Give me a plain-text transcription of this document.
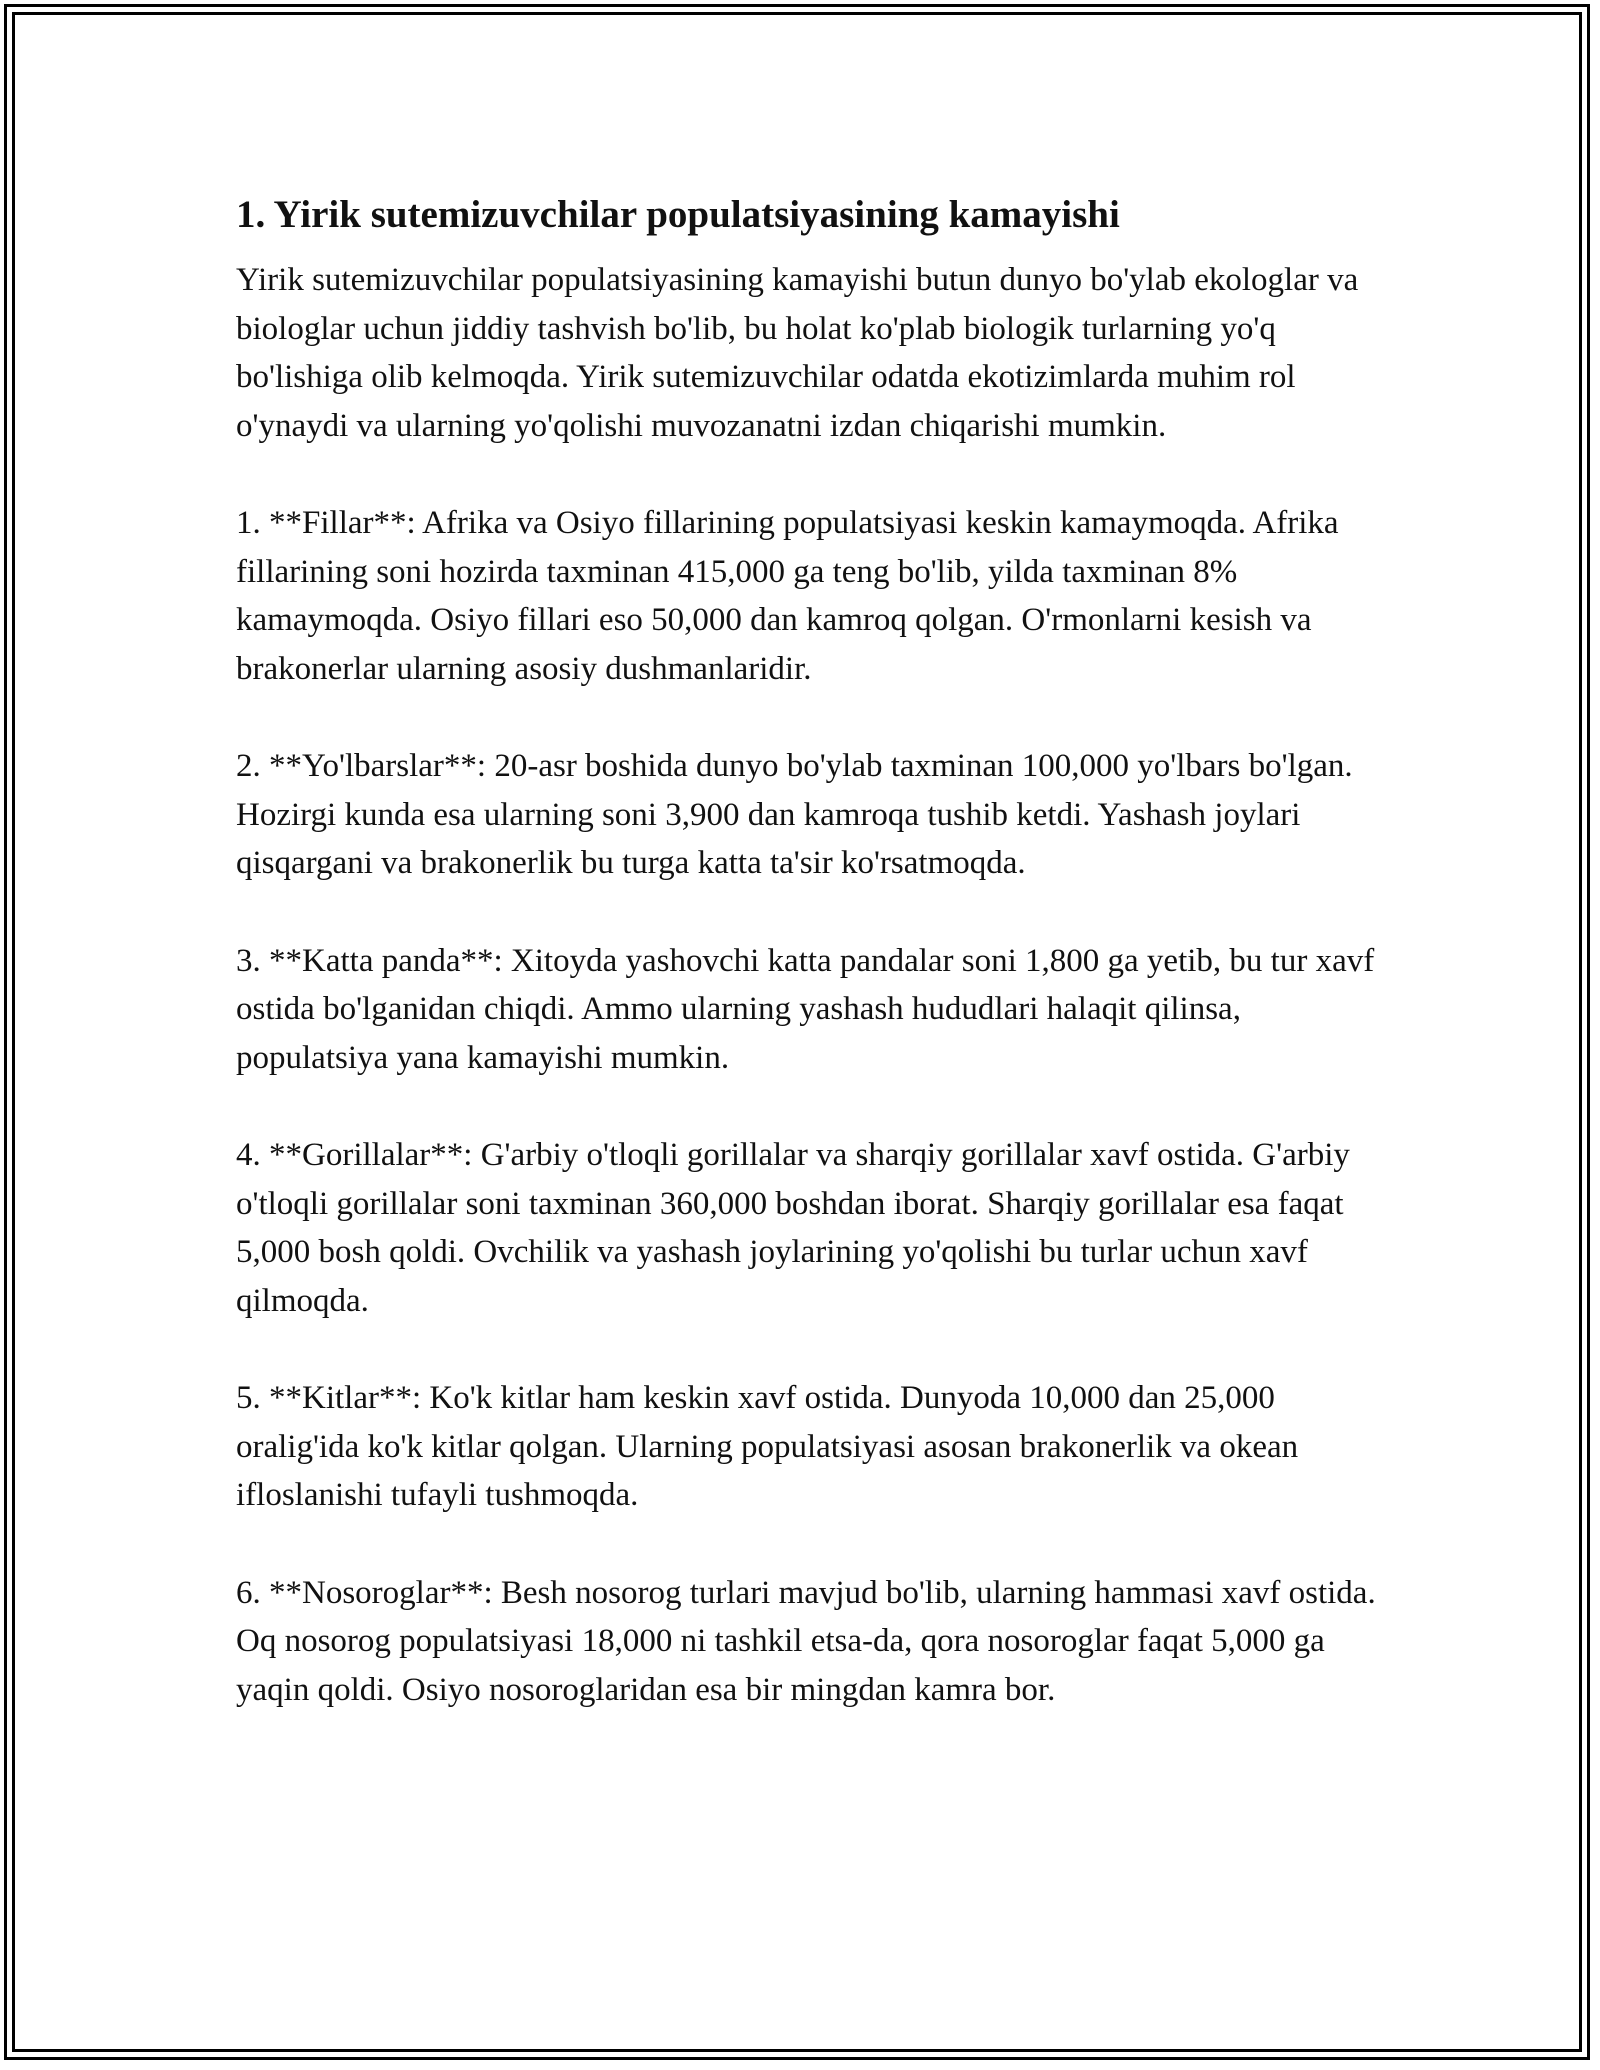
1. Yirik sutemizuvchilar populatsiyasining kamayishi

Yirik sutemizuvchilar populatsiyasining kamayishi butun dunyo bo'ylab ekologlar va biologlar uchun jiddiy tashvish bo'lib, bu holat ko'plab biologik turlarning yo'q bo'lishiga olib kelmoqda. Yirik sutemizuvchilar odatda ekotizimlarda muhim rol o'ynaydi va ularning yo'qolishi muvozanatni izdan chiqarishi mumkin.

1. **Fillar**: Afrika va Osiyo fillarining populatsiyasi keskin kamaymoqda. Afrika fillarining soni hozirda taxminan 415,000 ga teng bo'lib, yilda taxminan 8% kamaymoqda. Osiyo fillari eso 50,000 dan kamroq qolgan. O'rmonlarni kesish va brakonerlar ularning asosiy dushmanlaridir.

2. **Yo'lbarslar**: 20-asr boshida dunyo bo'ylab taxminan 100,000 yo'lbars bo'lgan. Hozirgi kunda esa ularning soni 3,900 dan kamroqa tushib ketdi. Yashash joylari qisqargani va brakonerlik bu turga katta ta'sir ko'rsatmoqda.

3. **Katta panda**: Xitoyda yashovchi katta pandalar soni 1,800 ga yetib, bu tur xavf ostida bo'lganidan chiqdi. Ammo ularning yashash hududlari halaqit qilinsa, populatsiya yana kamayishi mumkin.

4. **Gorillalar**: G'arbiy o'tloqli gorillalar va sharqiy gorillalar xavf ostida. G'arbiy o'tloqli gorillalar soni taxminan 360,000 boshdan iborat. Sharqiy gorillalar esa faqat 5,000 bosh qoldi. Ovchilik va yashash joylarining yo'qolishi bu turlar uchun xavf qilmoqda.

5. **Kitlar**: Ko'k kitlar ham keskin xavf ostida. Dunyoda 10,000 dan 25,000 oralig'ida ko'k kitlar qolgan. Ularning populatsiyasi asosan brakonerlik va okean ifloslanishi tufayli tushmoqda.

6. **Nosoroglar**: Besh nosorog turlari mavjud bo'lib, ularning hammasi xavf ostida. Oq nosorog populatsiyasi 18,000 ni tashkil etsa-da, qora nosoroglar faqat 5,000 ga yaqin qoldi. Osiyo nosoroglaridan esa bir mingdan kamra bor.
